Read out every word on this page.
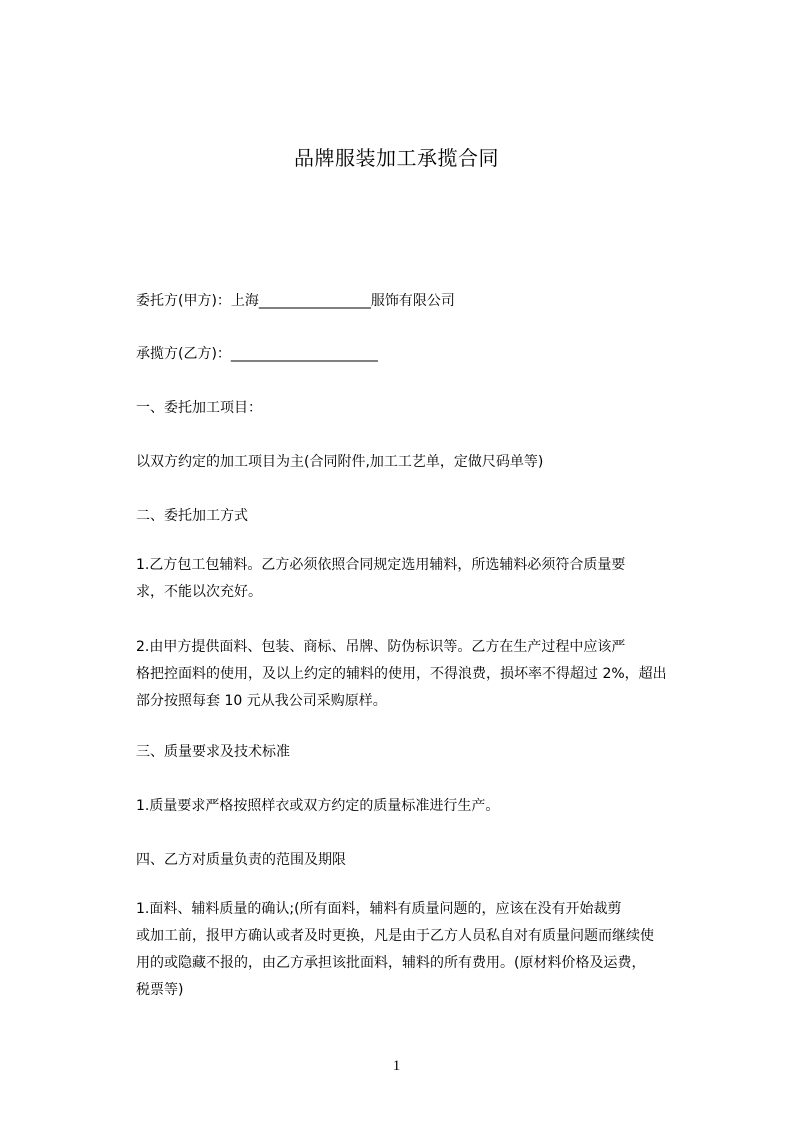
品牌服装加工承揽合同
委托方(甲方)：上海________________服饰有限公司
承揽方(乙方)：_____________________
一、委托加工项目：
以双方约定的加工项目为主(合同附件,加工工艺单，定做尺码单等)
二、委托加工方式
1.乙方包工包辅料。乙方必须依照合同规定选用辅料，所选辅料必须符合质量要
求，不能以次充好。
2.由甲方提供面料、包装、商标、吊牌、防伪标识等。乙方在生产过程中应该严
格把控面料的使用，及以上约定的辅料的使用，不得浪费，损坏率不得超过 2%，超出
部分按照每套 10 元从我公司采购原样。
三、质量要求及技术标准
1.质量要求严格按照样衣或双方约定的质量标准进行生产。
四、乙方对质量负责的范围及期限
1.面料、辅料质量的确认;(所有面料，辅料有质量问题的，应该在没有开始裁剪
或加工前，报甲方确认或者及时更换，凡是由于乙方人员私自对有质量问题而继续使
用的或隐藏不报的，由乙方承担该批面料，辅料的所有费用。(原材料价格及运费，
税票等)
1
